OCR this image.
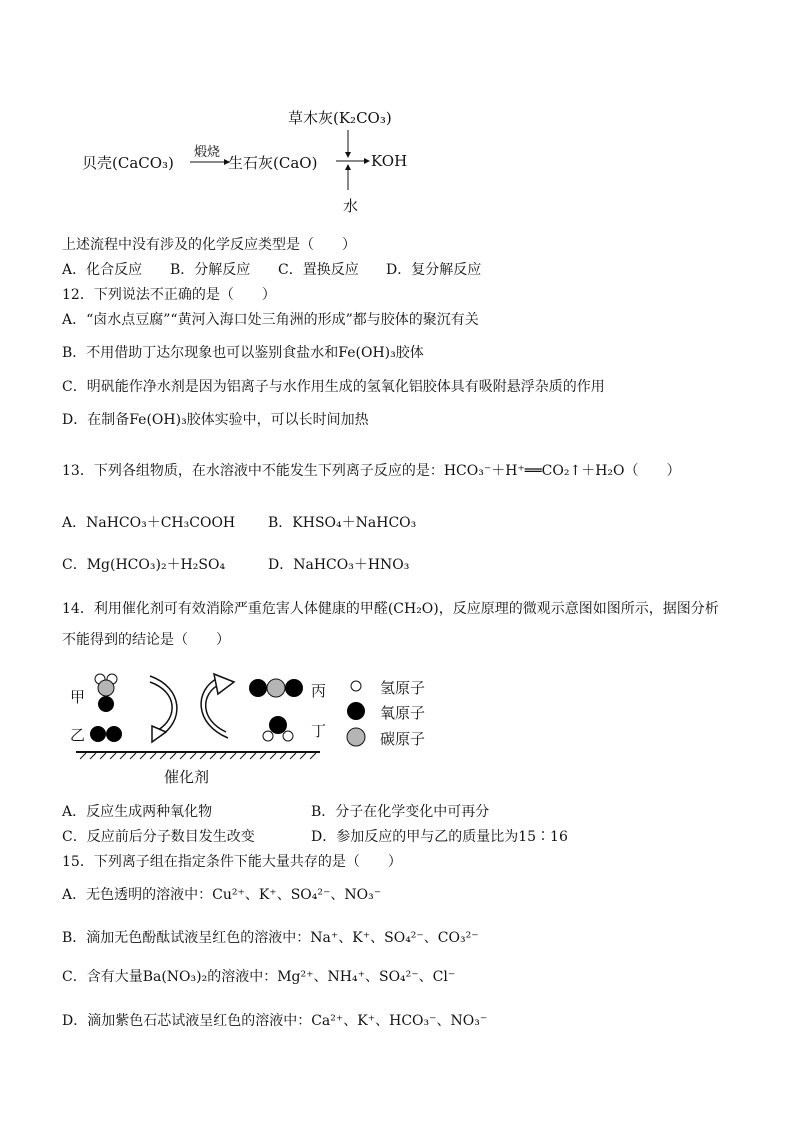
草木灰(K₂CO₃)
贝壳(CaCO₃)
煅烧
生石灰(CaO)	KOH
水
上述流程中没有涉及的化学反应类型是（　　）
A．化合反应 B．分解反应 C．置换反应 D．复分解反应
12．下列说法不正确的是（　　）
A．“卤水点豆腐”“黄河入海口处三角洲的形成”都与胶体的聚沉有关
B．不用借助丁达尔现象也可以鉴别食盐水和Fe(OH)₃胶体
C．明矾能作净水剂是因为铝离子与水作用生成的氢氧化铝胶体具有吸附悬浮杂质的作用
D．在制备Fe(OH)₃胶体实验中，可以长时间加热
13．下列各组物质，在水溶液中不能发生下列离子反应的是：HCO₃⁻＋H⁺══CO₂↑＋H₂O（　　）
A．NaHCO₃＋CH₃COOH B．KHSO₄＋NaHCO₃
C．Mg(HCO₃)₂＋H₂SO₄	D．NaHCO₃＋HNO₃
14．利用催化剂可有效消除严重危害人体健康的甲醛(CH₂O)，反应原理的微观示意图如图所示，据图分析
不能得到的结论是（　　）
甲
乙
丙
丁
催化剂
氢原子
氧原子
碳原子
A．反应生成两种氧化物	B．分子在化学变化中可再分
C．反应前后分子数目发生改变	D．参加反应的甲与乙的质量比为15∶16
15．下列离子组在指定条件下能大量共存的是（　　）
A．无色透明的溶液中：Cu²⁺、K⁺、SO₄²⁻、NO₃⁻
B．滴加无色酚酞试液呈红色的溶液中：Na⁺、K⁺、SO₄²⁻、CO₃²⁻
C．含有大量Ba(NO₃)₂的溶液中：Mg²⁺、NH₄⁺、SO₄²⁻、Cl⁻
D．滴加紫色石芯试液呈红色的溶液中：Ca²⁺、K⁺、HCO₃⁻、NO₃⁻
